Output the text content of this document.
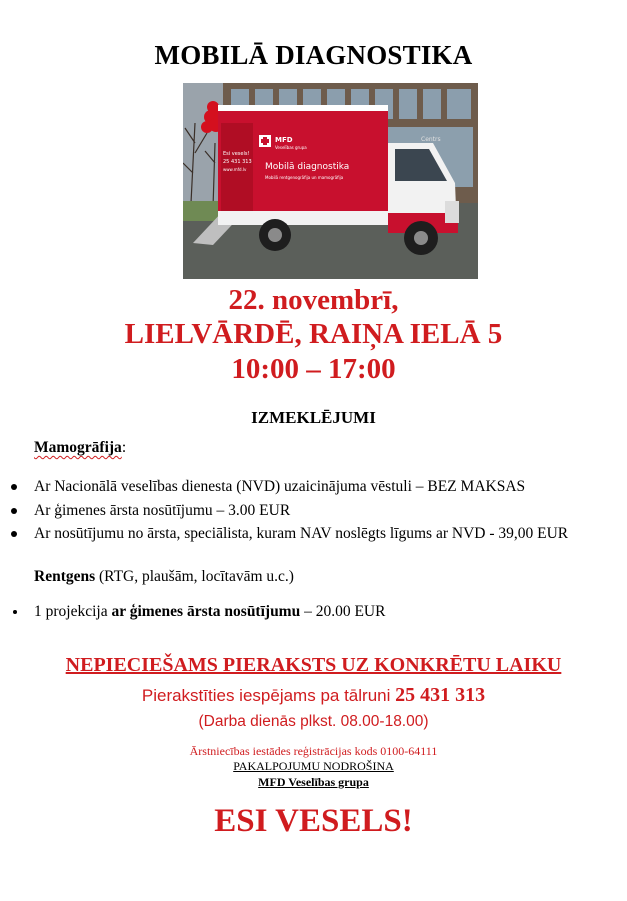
MOBILĀ DIAGNOSTIKA
Centrs
Esi vesels!
25 431 313
www.mfd.lv
MFD
Veselības grupa
Mobilā diagnostika
Mobilā rentgenogrāfija un mamogrāfija
22. novembrī,
LIELVĀRDĒ, RAIŅA IELĀ 5
10:00 – 17:00
IZMEKLĒJUMI
Mamogrāfija:
Ar Nacionālā veselības dienesta (NVD) uzaicinājuma vēstuli – BEZ MAKSAS
Ar ģimenes ārsta nosūtījumu – 3.00 EUR
Ar nosūtījumu no ārsta, speciālista, kuram NAV noslēgts līgums ar NVD - 39,00 EUR
Rentgens (RTG, plaušām, locītavām u.c.)
1 projekcija ar ģimenes ārsta nosūtījumu – 20.00 EUR
NEPIECIEŠAMS PIERAKSTS UZ KONKRĒTU LAIKU
Pierakstīties iespējams pa tālruni 25 431 313
(Darba dienās plkst. 08.00-18.00)
Ārstniecības iestādes reģistrācijas kods 0100-64111
PAKALPOJUMU NODROŠINA
MFD Veselības grupa
ESI VESELS!
